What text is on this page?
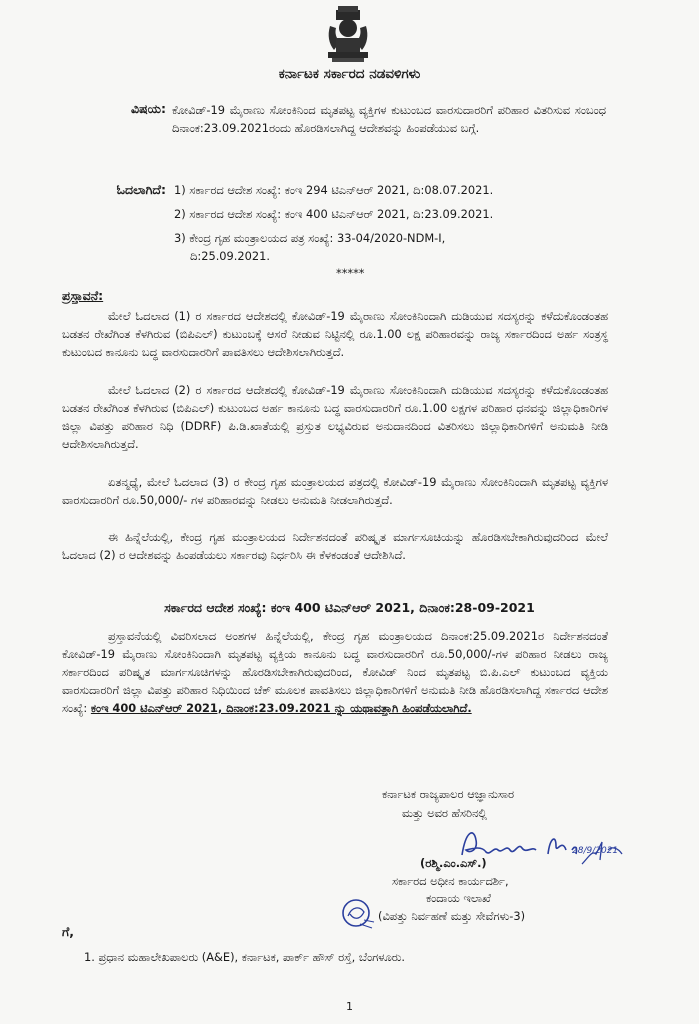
ಕರ್ನಾಟಕ ಸರ್ಕಾರದ ನಡವಳಿಗಳು
ವಿಷಯ: ಕೋವಿಡ್-19 ಮೈರಾಣು ಸೋಂಕಿನಿಂದ ಮೃತಪಟ್ಟ ವ್ಯಕ್ತಿಗಳ ಕುಟುಂಬದ ವಾರಸುದಾರರಿಗೆ ಪರಿಹಾರ ವಿತರಿಸುವ ಸಂಬಂಧ ದಿನಾಂಕ:23.09.2021ರಂದು ಹೊರಡಿಸಲಾಗಿದ್ದ ಆದೇಶವನ್ನು ಹಿಂಪಡೆಯುವ ಬಗ್ಗೆ.
ಓದಲಾಗಿದೆ: 1) ಸರ್ಕಾರದ ಆದೇಶ ಸಂಖ್ಯೆ: ಕಂಇ 294 ಟಿಎನ್‌ಆರ್ 2021, ದಿ:08.07.2021.
2) ಸರ್ಕಾರದ ಆದೇಶ ಸಂಖ್ಯೆ: ಕಂಇ 400 ಟಿಎನ್‌ಆರ್ 2021, ದಿ:23.09.2021.
3) ಕೇಂದ್ರ ಗೃಹ ಮಂತ್ರಾಲಯದ ಪತ್ರ ಸಂಖ್ಯೆ: 33-04/2020-NDM-I,
ದಿ:25.09.2021.
*****
ಪ್ರಸ್ತಾವನೆ:
ಮೇಲೆ ಓದಲಾದ (1) ರ ಸರ್ಕಾರದ ಆದೇಶದಲ್ಲಿ ಕೋವಿಡ್-19 ಮೈರಾಣು ಸೋಂಕಿನಿಂದಾಗಿ ದುಡಿಯುವ ಸದಸ್ಯರನ್ನು ಕಳೆದುಕೊಂಡಂತಹ ಬಡತನ ರೇಖೆಗಿಂತ ಕೆಳಗಿರುವ (ಬಿಪಿಎಲ್) ಕುಟುಂಬಕ್ಕೆ ಆಸರೆ ನೀಡುವ ನಿಟ್ಟಿನಲ್ಲಿ ರೂ.1.00 ಲಕ್ಷ ಪರಿಹಾರವನ್ನು ರಾಜ್ಯ ಸರ್ಕಾರದಿಂದ ಅರ್ಹ ಸಂತ್ರಸ್ಥ ಕುಟುಂಬದ ಕಾನೂನು ಬದ್ಧ ವಾರಸುದಾರರಿಗೆ ಪಾವತಿಸಲು ಆದೇಶಿಸಲಾಗಿರುತ್ತದೆ.
ಮೇಲೆ ಓದಲಾದ (2) ರ ಸರ್ಕಾರದ ಆದೇಶದಲ್ಲಿ ಕೋವಿಡ್-19 ಮೈರಾಣು ಸೋಂಕಿನಿಂದಾಗಿ ದುಡಿಯುವ ಸದಸ್ಯರನ್ನು ಕಳೆದುಕೊಂಡಂತಹ ಬಡತನ ರೇಖೆಗಿಂತ ಕೆಳಗಿರುವ (ಬಿಪಿಎಲ್) ಕುಟುಂಬದ ಅರ್ಹ ಕಾನೂನು ಬದ್ಧ ವಾರಸುದಾರರಿಗೆ ರೂ.1.00 ಲಕ್ಷಗಳ ಪರಿಹಾರ ಧನವನ್ನು ಜಿಲ್ಲಾಧಿಕಾರಿಗಳ ಜಿಲ್ಲಾ ವಿಪತ್ತು ಪರಿಹಾರ ನಿಧಿ (DDRF) ಪಿ.ಡಿ.ಖಾತೆಯಲ್ಲಿ ಪ್ರಸ್ತುತ ಲಭ್ಯವಿರುವ ಅನುದಾನದಿಂದ ವಿತರಿಸಲು ಜಿಲ್ಲಾಧಿಕಾರಿಗಳಿಗೆ ಅನುಮತಿ ನೀಡಿ ಆದೇಶಿಸಲಾಗಿರುತ್ತದೆ.
ಏತನ್ಮಧ್ಯೆ, ಮೇಲೆ ಓದಲಾದ (3) ರ ಕೇಂದ್ರ ಗೃಹ ಮಂತ್ರಾಲಯದ ಪತ್ರದಲ್ಲಿ ಕೋವಿಡ್-19 ಮೈರಾಣು ಸೋಂಕಿನಿಂದಾಗಿ ಮೃತಪಟ್ಟ ವ್ಯಕ್ತಿಗಳ ವಾರಸುದಾರರಿಗೆ ರೂ.50,000/- ಗಳ ಪರಿಹಾರವನ್ನು ನೀಡಲು ಅನುಮತಿ ನೀಡಲಾಗಿರುತ್ತದೆ.
ಈ ಹಿನ್ನೆಲೆಯಲ್ಲಿ, ಕೇಂದ್ರ ಗೃಹ ಮಂತ್ರಾಲಯದ ನಿರ್ದೇಶನದಂತೆ ಪರಿಷ್ಕೃತ ಮಾರ್ಗಸೂಚಿಯನ್ನು ಹೊರಡಿಸಬೇಕಾಗಿರುವುದರಿಂದ ಮೇಲೆ ಓದಲಾದ (2) ರ ಆದೇಶವನ್ನು ಹಿಂಪಡೆಯಲು ಸರ್ಕಾರವು ನಿರ್ಧರಿಸಿ ಈ ಕೆಳಕಂಡಂತೆ ಆದೇಶಿಸಿದೆ.
ಸರ್ಕಾರದ ಆದೇಶ ಸಂಖ್ಯೆ: ಕಂಇ 400 ಟಿಎನ್‌ಆರ್ 2021, ದಿನಾಂಕ:28-09-2021
ಪ್ರಸ್ತಾವನೆಯಲ್ಲಿ ವಿವರಿಸಲಾದ ಅಂಶಗಳ ಹಿನ್ನೆಲೆಯಲ್ಲಿ, ಕೇಂದ್ರ ಗೃಹ ಮಂತ್ರಾಲಯದ ದಿನಾಂಕ:25.09.2021ರ ನಿರ್ದೇಶನದಂತೆ ಕೋವಿಡ್-19 ಮೈರಾಣು ಸೋಂಕಿನಿಂದಾಗಿ ಮೃತಪಟ್ಟ ವ್ಯಕ್ತಿಯ ಕಾನೂನು ಬದ್ಧ ವಾರಸುದಾರರಿಗೆ ರೂ.50,000/-ಗಳ ಪರಿಹಾರ ನೀಡಲು ರಾಜ್ಯ ಸರ್ಕಾರದಿಂದ ಪರಿಷ್ಕೃತ ಮಾರ್ಗಸೂಚಿಗಳನ್ನು ಹೊರಡಿಸಬೇಕಾಗಿರುವುದರಿಂದ, ಕೋವಿಡ್ ನಿಂದ ಮೃತಪಟ್ಟ ಬಿ.ಪಿ.ಎಲ್ ಕುಟುಂಬದ ವ್ಯಕ್ತಿಯ ವಾರಸುದಾರರಿಗೆ ಜಿಲ್ಲಾ ವಿಪತ್ತು ಪರಿಹಾರ ನಿಧಿಯಿಂದ ಚೆಕ್ ಮೂಲಕ ಪಾವತಿಸಲು ಜಿಲ್ಲಾಧಿಕಾರಿಗಳಿಗೆ ಅನುಮತಿ ನೀಡಿ ಹೊರಡಿಸಲಾಗಿದ್ದ ಸರ್ಕಾರದ ಆದೇಶ ಸಂಖ್ಯೆ: ಕಂಇ 400 ಟಿಎನ್‌ಆರ್ 2021, ದಿನಾಂಕ:23.09.2021 ನ್ನು ಯಥಾವತ್ತಾಗಿ ಹಿಂಪಡೆಯಲಾಗಿದೆ.
ಕರ್ನಾಟಕ ರಾಜ್ಯಪಾಲರ ಆಜ್ಞಾನುಸಾರ
ಮತ್ತು ಅವರ ಹೆಸರಿನಲ್ಲಿ
28/9/2021
(ರಶ್ಮಿ.ಎಂ.ಎಸ್.)
ಸರ್ಕಾರದ ಅಧೀನ ಕಾರ್ಯದರ್ಶಿ,
ಕಂದಾಯ ಇಲಾಖೆ
(ವಿಪತ್ತು ನಿರ್ವಹಣೆ ಮತ್ತು ಸೇವೆಗಳು-3)
ಗೆ,
1. ಪ್ರಧಾನ ಮಹಾಲೇಖಪಾಲರು (A&E), ಕರ್ನಾಟಕ, ಪಾರ್ಕ್ ಹೌಸ್ ರಸ್ತೆ, ಬೆಂಗಳೂರು.
1
